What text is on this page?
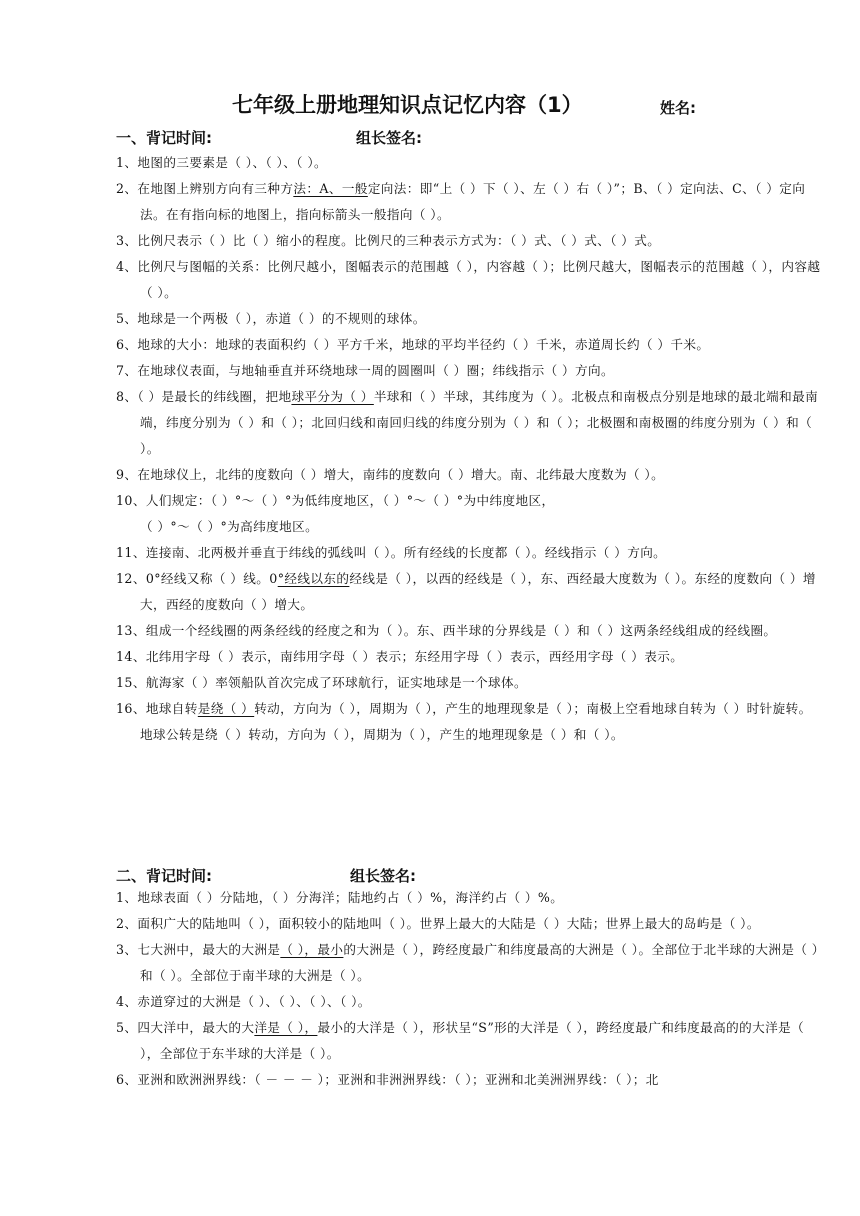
七年级上册地理知识点记忆内容（1）	姓名:
一、背记时间:	组长签名:
1、地图的三要素是（ ）、（ ）、（ ）。
2、在地图上辨别方向有三种方法：A、一般定向法：即“上（ ）下（ ）、左（ ）右（ ）”；B、（ ）定向法、C、（ ）定向法。在有指向标的地图上，指向标箭头一般指向（ ）。
3、比例尺表示（ ）比（ ）缩小的程度。比例尺的三种表示方式为：（ ）式、（ ）式、（ ）式。
4、比例尺与图幅的关系：比例尺越小，图幅表示的范围越（ ），内容越（ ）；比例尺越大，图幅表示的范围越（ ），内容越（ ）。
5、地球是一个两极（ ），赤道（ ）的不规则的球体。
6、地球的大小：地球的表面积约（ ）平方千米，地球的平均半径约（ ）千米，赤道周长约（ ）千米。
7、在地球仪表面，与地轴垂直并环绕地球一周的圆圈叫（ ）圈；纬线指示（ ）方向。
8、（ ）是最长的纬线圈，把地球平分为（ ）半球和（ ）半球，其纬度为（ ）。北极点和南极点分别是地球的最北端和最南端，纬度分别为（ ）和（ ）；北回归线和南回归线的纬度分别为（ ）和（ ）；北极圈和南极圈的纬度分别为（ ）和（ ）。
9、在地球仪上，北纬的度数向（ ）增大，南纬的度数向（ ）增大。南、北纬最大度数为（ ）。
10、人们规定：（ ）°～（ ）°为低纬度地区，（ ）°～（ ）°为中纬度地区，
（ ）°～（ ）°为高纬度地区。
11、连接南、北两极并垂直于纬线的弧线叫（ ）。所有经线的长度都（ ）。经线指示（ ）方向。
12、0°经线又称（ ）线。0°经线以东的经线是（ ），以西的经线是（ ），东、西经最大度数为（ ）。东经的度数向（ ）增大，西经的度数向（ ）增大。
13、组成一个经线圈的两条经线的经度之和为（ ）。东、西半球的分界线是（ ）和（ ）这两条经线组成的经线圈。
14、北纬用字母（ ）表示，南纬用字母（ ）表示；东经用字母（ ）表示，西经用字母（ ）表示。
15、航海家（ ）率领船队首次完成了环球航行，证实地球是一个球体。
16、地球自转是绕（ ）转动，方向为（ ），周期为（ ），产生的地理现象是（ ）；南极上空看地球自转为（ ）时针旋转。地球公转是绕（ ）转动，方向为（ ），周期为（ ），产生的地理现象是（ ）和（ ）。
二、背记时间:	组长签名:
1、地球表面（ ）分陆地，（ ）分海洋；陆地约占（ ）%，海洋约占（ ）%。
2、面积广大的陆地叫（ ），面积较小的陆地叫（ ）。世界上最大的大陆是（ ）大陆；世界上最大的岛屿是（ ）。
3、七大洲中，最大的大洲是（ ），最小的大洲是（ ），跨经度最广和纬度最高的大洲是（ ）。全部位于北半球的大洲是（ ）和（ ）。全部位于南半球的大洲是（ ）。
4、赤道穿过的大洲是（ ）、（ ）、（ ）、（ ）。
5、四大洋中，最大的大洋是（ ），最小的大洋是（ ），形状呈“S”形的大洋是（ ），跨经度最广和纬度最高的的大洋是（ ），全部位于东半球的大洋是（ ）。
6、亚洲和欧洲洲界线：（ － － － ）；亚洲和非洲洲界线：（ ）；亚洲和北美洲洲界线：（ ）；北
